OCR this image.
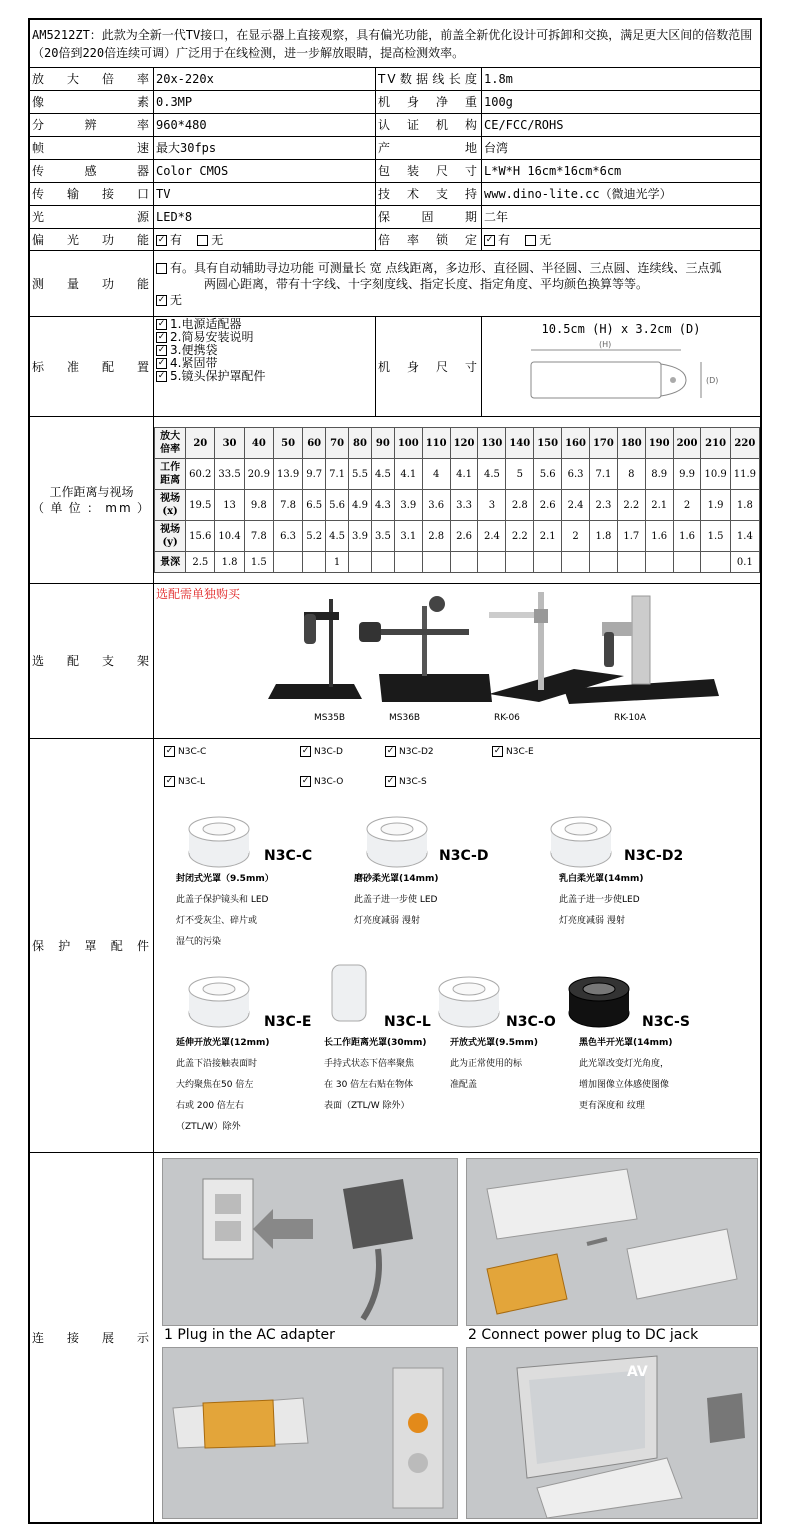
AM5212ZT：此款为全新一代TV接口，在显示器上直接观察，具有偏光功能，前盖全新优化设计可拆卸和交换，满足更大区间的倍数范围（20倍到220倍连续可调）广泛用于在线检测，进一步解放眼睛，提高检测效率。
放大倍率	20x-220x	TV数据线长度	1.8m
像素	0.3MP	机身净重	100g
分辨率	960*480	认证机构	CE/FCC/ROHS
帧速	最大30fps	产地	台湾
传感器	Color CMOS	包装尺寸	L*W*H 16cm*16cm*6cm
传输接口	TV	技术支持	www.dino-lite.cc（微迪光学）
光源	LED*8	保固期	二年
偏光功能	✓ 有 无	倍率锁定	✓ 有 无
测量功能	
有。具有自动辅助寻边功能 可测量长 宽 点线距离，多边形、直径圆、半径圆、三点圆、连续线、三点弧
两圆心距离，带有十字线、十字刻度线、指定长度、指定角度、平均颜色换算等等。
✓ 无

标准配置	
✓ 1.电源适配器
✓ 2.简易安装说明
✓ 3.便携袋
✓ 4.紧固带
✓ 5.镜头保护罩配件
	机身尺寸	
10.5cm (H) x 3.2cm (D)
(H)
(D)

工作距离与视场
（单位：mm）

放大倍率	20	30	40	50	60	70	80	90	100	110	120	130	140	150	160	170	180	190	200	210	220
工作距离	60.2	33.5	20.9	13.9	9.7	7.1	5.5	4.5	4.1	4	4.1	4.5	5	5.6	6.3	7.1	8	8.9	9.9	10.9	11.9
视场(x)	19.5	13	9.8	7.8	6.5	5.6	4.9	4.3	3.9	3.6	3.3	3	2.8	2.6	2.4	2.3	2.2	2.1	2	1.9	1.8
视场(y)	15.6	10.4	7.8	6.3	5.2	4.5	3.9	3.5	3.1	2.8	2.6	2.4	2.2	2.1	2	1.8	1.7	1.6	1.6	1.5	1.4
景深	2.5	1.8	1.5			1															0.1

选配支架	
选配需单独购买
MS35B	MS36B	RK-06	RK-10A

保护罩配件	
✓ N3C-C	✓ N3C-D	✓ N3C-D2	✓ N3C-E
✓ N3C-L	✓ N3C-O	✓ N3C-S
N3C-C
封闭式光罩（9.5mm）
此盖子保护镜头和 LED
灯不受灰尘、碎片或
湿气的污染
N3C-D
磨砂柔光罩(14mm)
此盖子进一步使 LED
灯亮度减弱 漫射
N3C-D2
乳白柔光罩(14mm)
此盖子进一步使LED
灯亮度减弱 漫射
N3C-E
延伸开放光罩(12mm)
此盖下沿接触表面时
大约聚焦在50 倍左
右或 200 倍左右
（ZTL/W）除外
N3C-L
长工作距离光罩(30mm)
手持式状态下倍率聚焦
在 30 倍左右贴在物体
表面（ZTL/W 除外）
N3C-O
开放式光罩(9.5mm)
此为正常使用的标
准配盖
N3C-S
黑色半开光罩(14mm)
此光罩改变灯光角度，
增加图像立体感使图像
更有深度和 纹理

连接展示	1 Plug in the AC adapter	2 Connect power plug to DC jack
AV
